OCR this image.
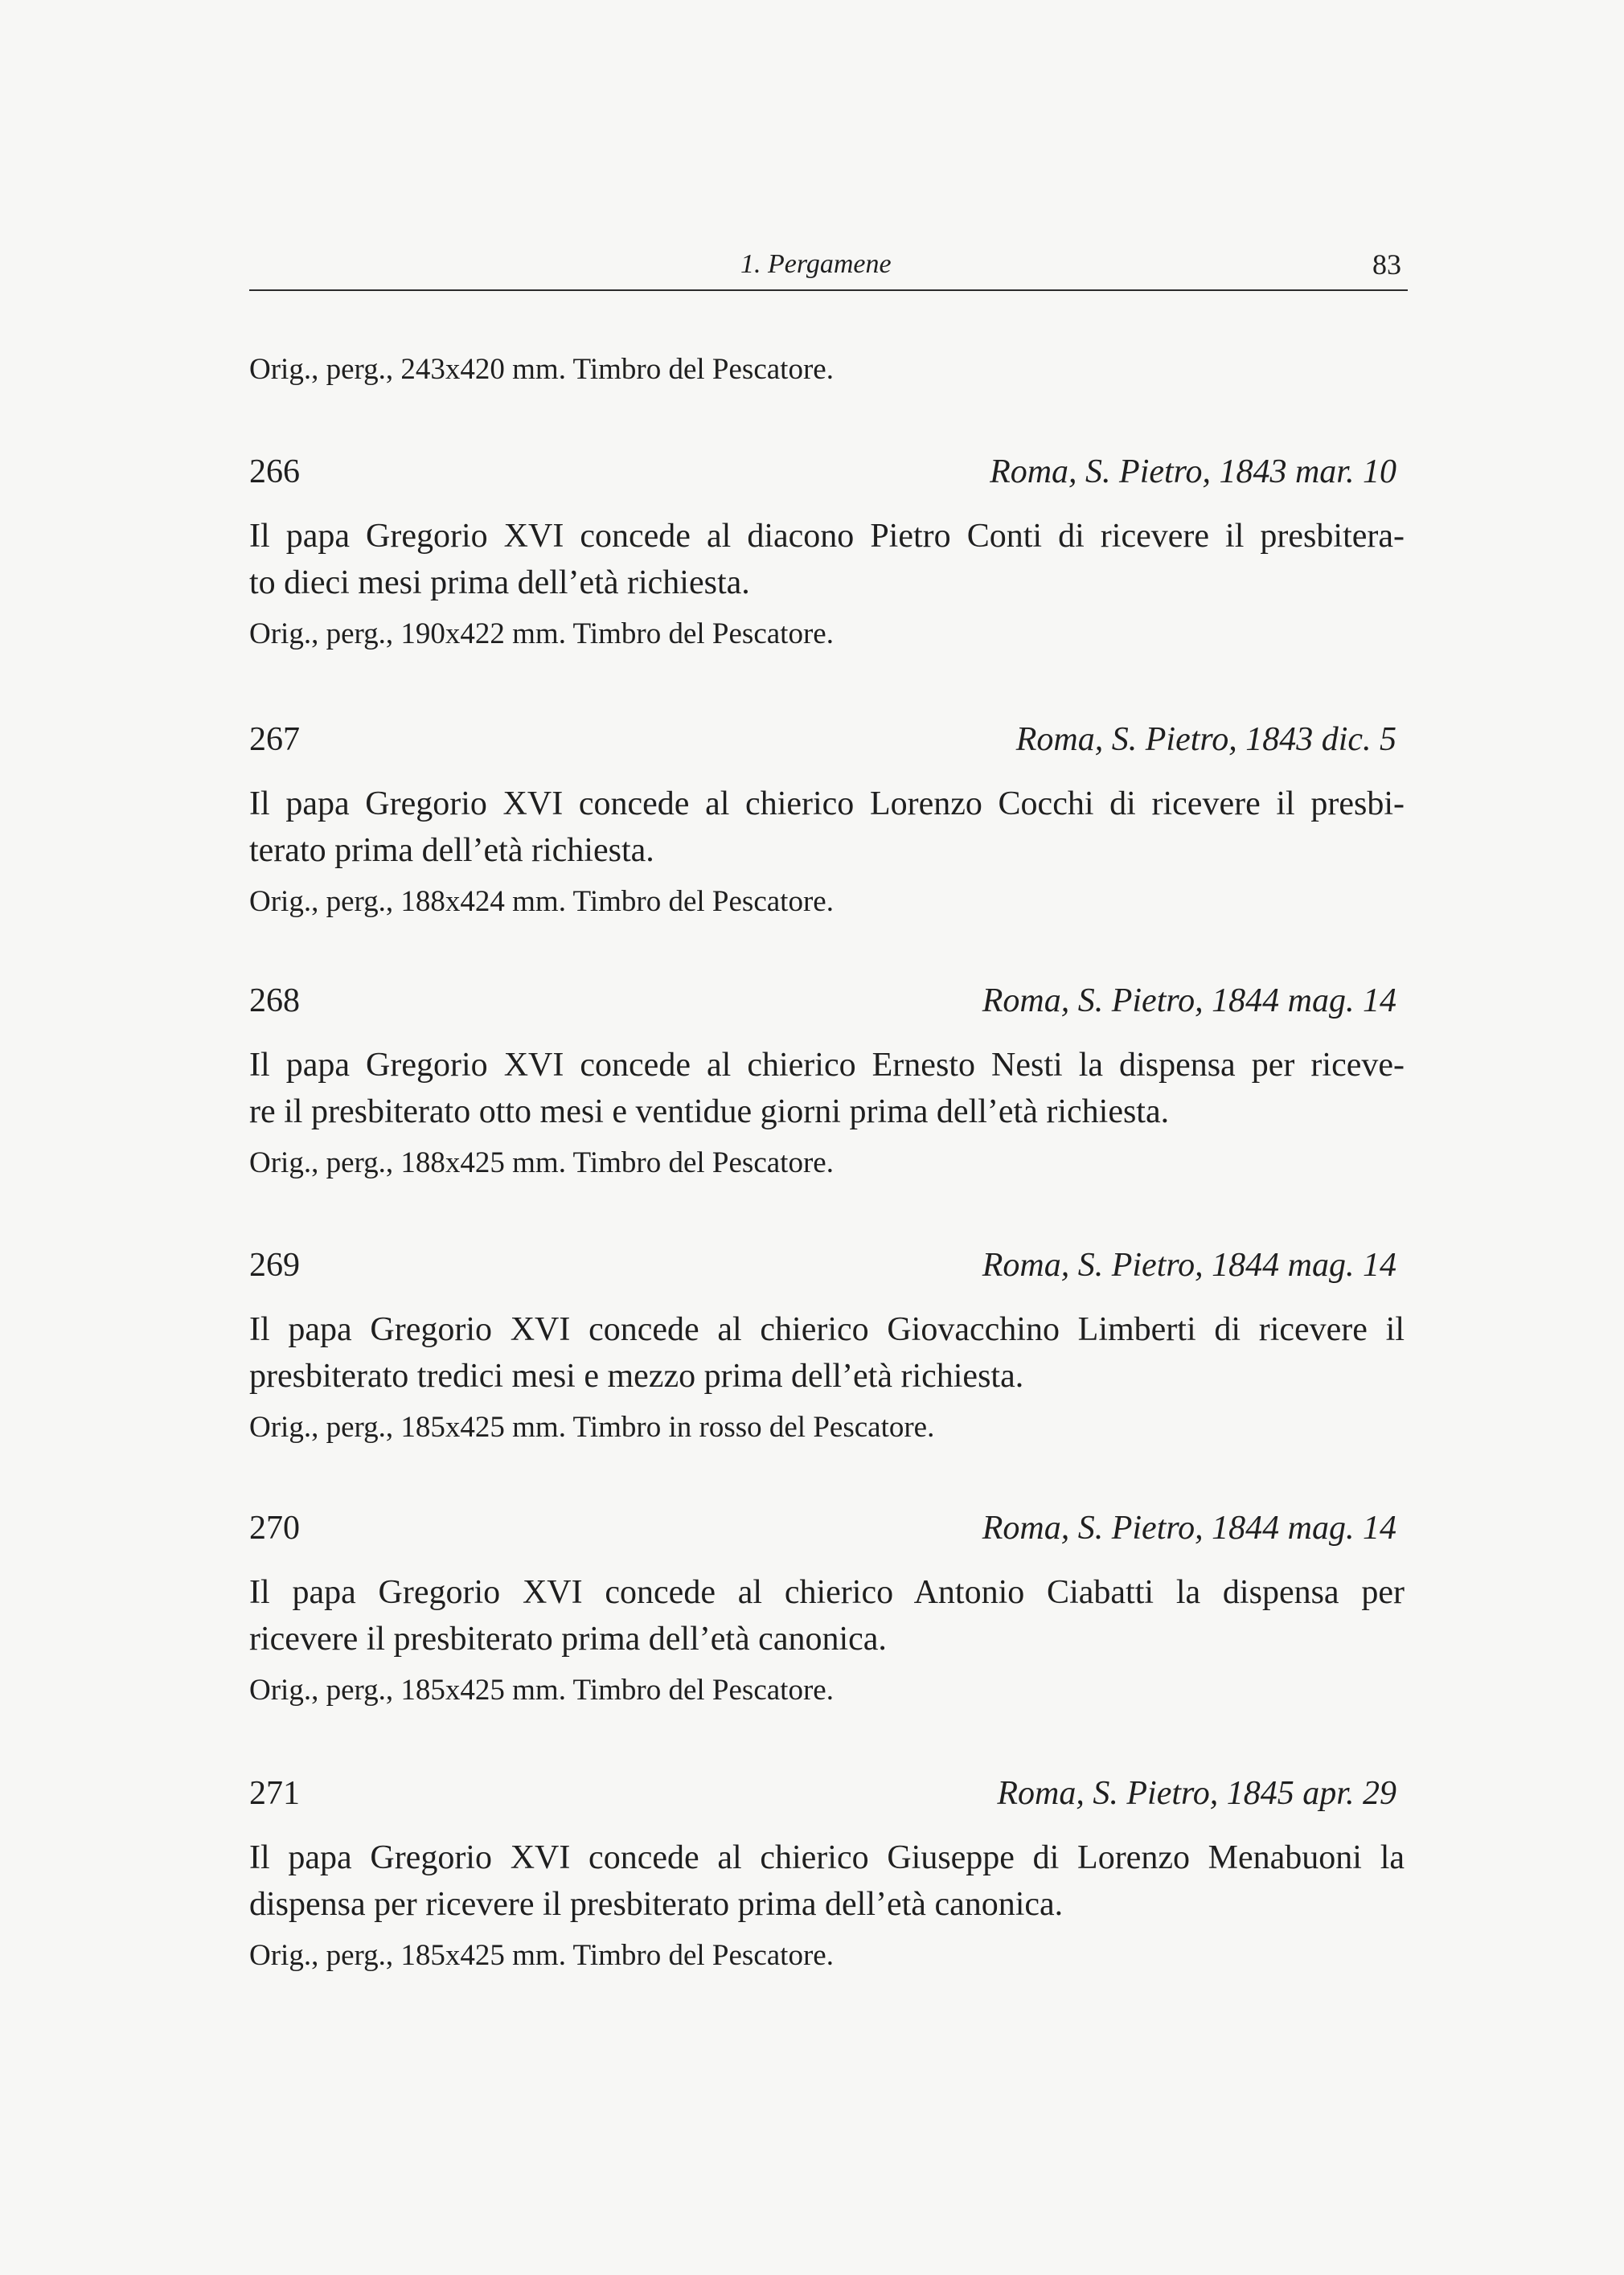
1. Pergamene	83

Orig., perg., 243x420 mm. Timbro del Pescatore.

266	Roma, S. Pietro, 1843 mar. 10
Il papa Gregorio XVI concede al diacono Pietro Conti di ricevere il presbitera-
to dieci mesi prima dell’età richiesta.
Orig., perg., 190x422 mm. Timbro del Pescatore.
267	Roma, S. Pietro, 1843 dic. 5
Il papa Gregorio XVI concede al chierico Lorenzo Cocchi di ricevere il presbi-
terato prima dell’età richiesta.
Orig., perg., 188x424 mm. Timbro del Pescatore.
268	Roma, S. Pietro, 1844 mag. 14
Il papa Gregorio XVI concede al chierico Ernesto Nesti la dispensa per riceve-
re il presbiterato otto mesi e ventidue giorni prima dell’età richiesta.
Orig., perg., 188x425 mm. Timbro del Pescatore.
269	Roma, S. Pietro, 1844 mag. 14
Il papa Gregorio XVI concede al chierico Giovacchino Limberti di ricevere il
presbiterato tredici mesi e mezzo prima dell’età richiesta.
Orig., perg., 185x425 mm. Timbro in rosso del Pescatore.
270	Roma, S. Pietro, 1844 mag. 14
Il papa Gregorio XVI concede al chierico Antonio Ciabatti la dispensa per
ricevere il presbiterato prima dell’età canonica.
Orig., perg., 185x425 mm. Timbro del Pescatore.
271	Roma, S. Pietro, 1845 apr. 29
Il papa Gregorio XVI concede al chierico Giuseppe di Lorenzo Menabuoni la
dispensa per ricevere il presbiterato prima dell’età canonica.
Orig., perg., 185x425 mm. Timbro del Pescatore.
